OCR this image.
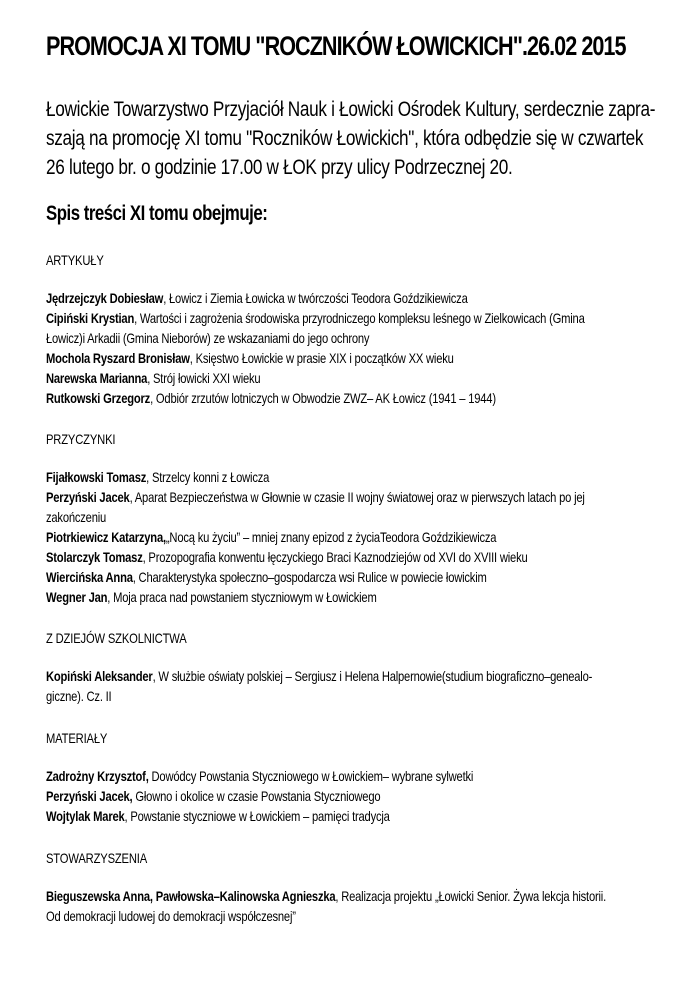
PROMOCJA XI TOMU "ROCZNIKÓW ŁOWICKICH".26.02 2015
Łowickie Towarzystwo Przyjaciół Nauk i Łowicki Ośrodek Kultury, serdecznie zapra-
szają na promocję XI tomu "Roczników Łowickich", która odbędzie się w czwartek
26 lutego br. o godzinie 17.00 w ŁOK przy ulicy Podrzecznej 20.
Spis treści XI tomu obejmuje:
ARTYKUŁY
Jędrzejczyk Dobiesław, Łowicz i Ziemia Łowicka w twórczości Teodora Goździkiewicza
Cipiński Krystian, Wartości i zagrożenia środowiska przyrodniczego kompleksu leśnego w Zielkowicach (Gmina
Łowicz)i Arkadii (Gmina Nieborów) ze wskazaniami do jego ochrony
Mochola Ryszard Bronisław, Księstwo Łowickie w prasie XIX i początków XX wieku
Narewska Marianna, Strój łowicki XXI wieku
Rutkowski Grzegorz, Odbiór zrzutów lotniczych w Obwodzie ZWZ– AK Łowicz (1941 – 1944)
PRZYCZYNKI
Fijałkowski Tomasz, Strzelcy konni z Łowicza
Perzyński Jacek, Aparat Bezpieczeństwa w Głownie w czasie II wojny światowej oraz w pierwszych latach po jej
zakończeniu
Piotrkiewicz Katarzyna,„Nocą ku życiu” – mniej znany epizod z życiaTeodora Goździkiewicza
Stolarczyk Tomasz, Prozopografia konwentu łęczyckiego Braci Kaznodziejów od XVI do XVIII wieku
Wiercińska Anna, Charakterystyka społeczno–gospodarcza wsi Rulice w powiecie łowickim
Wegner Jan, Moja praca nad powstaniem styczniowym w Łowickiem
Z DZIEJÓW SZKOLNICTWA
Kopiński Aleksander, W służbie oświaty polskiej – Sergiusz i Helena Halpernowie(studium biograficzno–genealo-
giczne). Cz. II
MATERIAŁY
Zadrożny Krzysztof, Dowódcy Powstania Styczniowego w Łowickiem– wybrane sylwetki
Perzyński Jacek, Głowno i okolice w czasie Powstania Styczniowego
Wojtylak Marek, Powstanie styczniowe w Łowickiem – pamięci tradycja
STOWARZYSZENIA
Bieguszewska Anna, Pawłowska–Kalinowska Agnieszka, Realizacja projektu „Łowicki Senior. Żywa lekcja historii.
Od demokracji ludowej do demokracji współczesnej”
